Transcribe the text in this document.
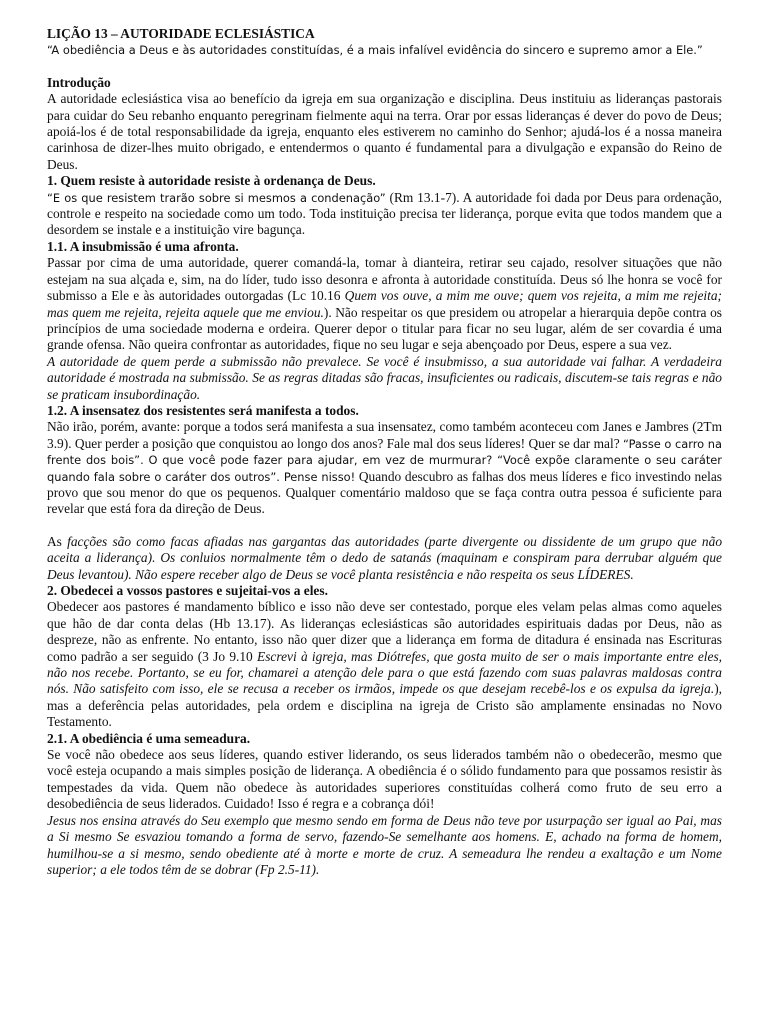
LIÇÃO 13 – AUTORIDADE ECLESIÁSTICA

“A obediência a Deus e às autoridades constituídas, é a mais infalível evidência do sincero e supremo amor a Ele.”

Introdução

A autoridade eclesiástica visa ao benefício da igreja em sua organização e disciplina. Deus instituiu as lideranças pastorais para cuidar do Seu rebanho enquanto peregrinam fielmente aqui na terra. Orar por essas lideranças é dever do povo de Deus; apoiá-los é de total responsabilidade da igreja, enquanto eles estiverem no caminho do Senhor; ajudá-los é a nossa maneira carinhosa de dizer-lhes muito obrigado, e entendermos o quanto é fundamental para a divulgação e expansão do Reino de Deus.

1. Quem resiste à autoridade resiste à ordenança de Deus.

“E os que resistem trarão sobre si mesmos a condenação” (Rm 13.1-7). A autoridade foi dada por Deus para ordenação, controle e respeito na sociedade como um todo. Toda instituição precisa ter liderança, porque evita que todos mandem que a desordem se instale e a instituição vire bagunça.

1.1. A insubmissão é uma afronta.

Passar por cima de uma autoridade, querer comandá-la, tomar à dianteira, retirar seu cajado, resolver situações que não estejam na sua alçada e, sim, na do líder, tudo isso desonra e afronta à autoridade constituída. Deus só lhe honra se você for submisso a Ele e às autoridades outorgadas (Lc 10.16 Quem vos ouve, a mim me ouve; quem vos rejeita, a mim me rejeita; mas quem me rejeita, rejeita aquele que me enviou.). Não respeitar os que presidem ou atropelar a hierarquia depõe contra os princípios de uma sociedade moderna e ordeira. Querer depor o titular para ficar no seu lugar, além de ser covardia é uma grande ofensa. Não queira confrontar as autoridades, fique no seu lugar e seja abençoado por Deus, espere a sua vez.

A autoridade de quem perde a submissão não prevalece. Se você é insubmisso, a sua autoridade vai falhar. A verdadeira autoridade é mostrada na submissão. Se as regras ditadas são fracas, insuficientes ou radicais, discutem-se tais regras e não se praticam insubordinação.

1.2. A insensatez dos resistentes será manifesta a todos.

Não irão, porém, avante: porque a todos será manifesta a sua insensatez, como também aconteceu com Janes e Jambres (2Tm 3.9). Quer perder a posição que conquistou ao longo dos anos? Fale mal dos seus líderes! Quer se dar mal? “Passe o carro na frente dos bois”. O que você pode fazer para ajudar, em vez de murmurar? “Você expõe claramente o seu caráter quando fala sobre o caráter dos outros”. Pense nisso! Quando descubro as falhas dos meus líderes e fico investindo nelas provo que sou menor do que os pequenos. Qualquer comentário maldoso que se faça contra outra pessoa é suficiente para revelar que está fora da direção de Deus.

As facções são como facas afiadas nas gargantas das autoridades (parte divergente ou dissidente de um grupo que não aceita a liderança). Os conluios normalmente têm o dedo de satanás (maquinam e conspiram para derrubar alguém que Deus levantou). Não espere receber algo de Deus se você planta resistência e não respeita os seus LÍDERES.

2. Obedecei a vossos pastores e sujeitai-vos a eles.

Obedecer aos pastores é mandamento bíblico e isso não deve ser contestado, porque eles velam pelas almas como aqueles que hão de dar conta delas (Hb 13.17). As lideranças eclesiásticas são autoridades espirituais dadas por Deus, não as despreze, não as enfrente. No entanto, isso não quer dizer que a liderança em forma de ditadura é ensinada nas Escrituras como padrão a ser seguido (3 Jo 9.10 Escrevi à igreja, mas Diótrefes, que gosta muito de ser o mais importante entre eles, não nos recebe. Portanto, se eu for, chamarei a atenção dele para o que está fazendo com suas palavras maldosas contra nós. Não satisfeito com isso, ele se recusa a receber os irmãos, impede os que desejam recebê-los e os expulsa da igreja.), mas a deferência pelas autoridades, pela ordem e disciplina na igreja de Cristo são amplamente ensinadas no Novo Testamento.

2.1. A obediência é uma semeadura.

Se você não obedece aos seus líderes, quando estiver liderando, os seus liderados também não o obedecerão, mesmo que você esteja ocupando a mais simples posição de liderança. A obediência é o sólido fundamento para que possamos resistir às tempestades da vida. Quem não obedece às autoridades superiores constituídas colherá como fruto de seu erro a desobediência de seus liderados. Cuidado! Isso é regra e a cobrança dói!

Jesus nos ensina através do Seu exemplo que mesmo sendo em forma de Deus não teve por usurpação ser igual ao Pai, mas a Si mesmo Se esvaziou tomando a forma de servo, fazendo-Se semelhante aos homens. E, achado na forma de homem, humilhou-se a si mesmo, sendo obediente até à morte e morte de cruz. A semeadura lhe rendeu a exaltação e um Nome superior; a ele todos têm de se dobrar (Fp 2.5-11).
